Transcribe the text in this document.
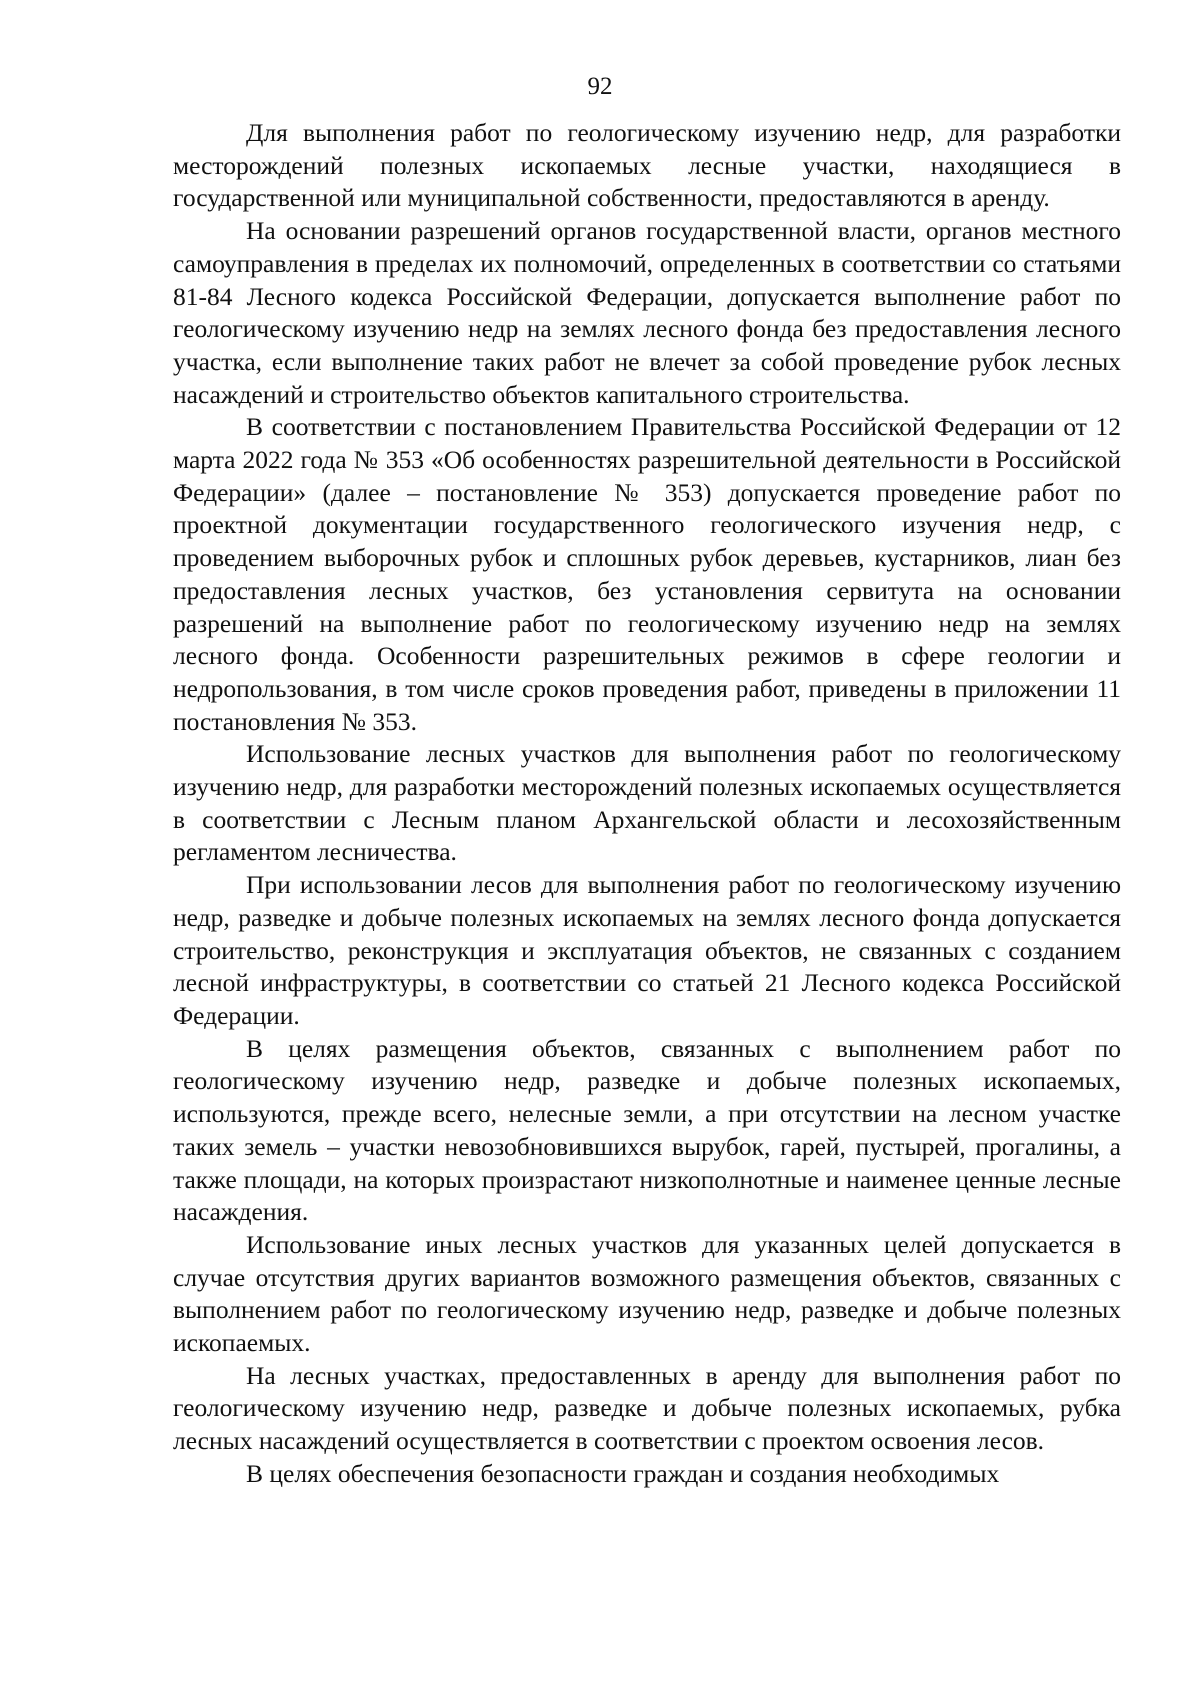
92

Для выполнения работ по геологическому изучению недр, для разработки месторождений полезных ископаемых лесные участки, находящиеся в государственной или муниципальной собственности, предоставляются в аренду.

На основании разрешений органов государственной власти, органов местного самоуправления в пределах их полномочий, определенных в соответствии со статьями 81-84 Лесного кодекса Российской Федерации, допускается выполнение работ по геологическому изучению недр на землях лесного фонда без предоставления лесного участка, если выполнение таких работ не влечет за собой проведение рубок лесных насаждений и строительство объектов капитального строительства.

В соответствии с постановлением Правительства Российской Федерации от 12 марта 2022 года № 353 «Об особенностях разрешительной деятельности в Российской Федерации» (далее – постановление № 353) допускается проведение работ по проектной документации государственного геологического изучения недр, с проведением выборочных рубок и сплошных рубок деревьев, кустарников, лиан без предоставления лесных участков, без установления сервитута на основании разрешений на выполнение работ по геологическому изучению недр на землях лесного фонда. Особенности разрешительных режимов в сфере геологии и недропользования, в том числе сроков проведения работ, приведены в приложении 11 постановления № 353.

Использование лесных участков для выполнения работ по геологическому изучению недр, для разработки месторождений полезных ископаемых осуществляется в соответствии с Лесным планом Архангельской области и лесохозяйственным регламентом лесничества.

При использовании лесов для выполнения работ по геологическому изучению недр, разведке и добыче полезных ископаемых на землях лесного фонда допускается строительство, реконструкция и эксплуатация объектов, не связанных с созданием лесной инфраструктуры, в соответствии со статьей 21 Лесного кодекса Российской Федерации.

В целях размещения объектов, связанных с выполнением работ по геологическому изучению недр, разведке и добыче полезных ископаемых, используются, прежде всего, нелесные земли, а при отсутствии на лесном участке таких земель – участки невозобновившихся вырубок, гарей, пустырей, прогалины, а также площади, на которых произрастают низкополнотные и наименее ценные лесные насаждения.

Использование иных лесных участков для указанных целей допускается в случае отсутствия других вариантов возможного размещения объектов, связанных с выполнением работ по геологическому изучению недр, разведке и добыче полезных ископаемых.

На лесных участках, предоставленных в аренду для выполнения работ по геологическому изучению недр, разведке и добыче полезных ископаемых, рубка лесных насаждений осуществляется в соответствии с проектом освоения лесов.

В целях обеспечения безопасности граждан и создания необходимых
